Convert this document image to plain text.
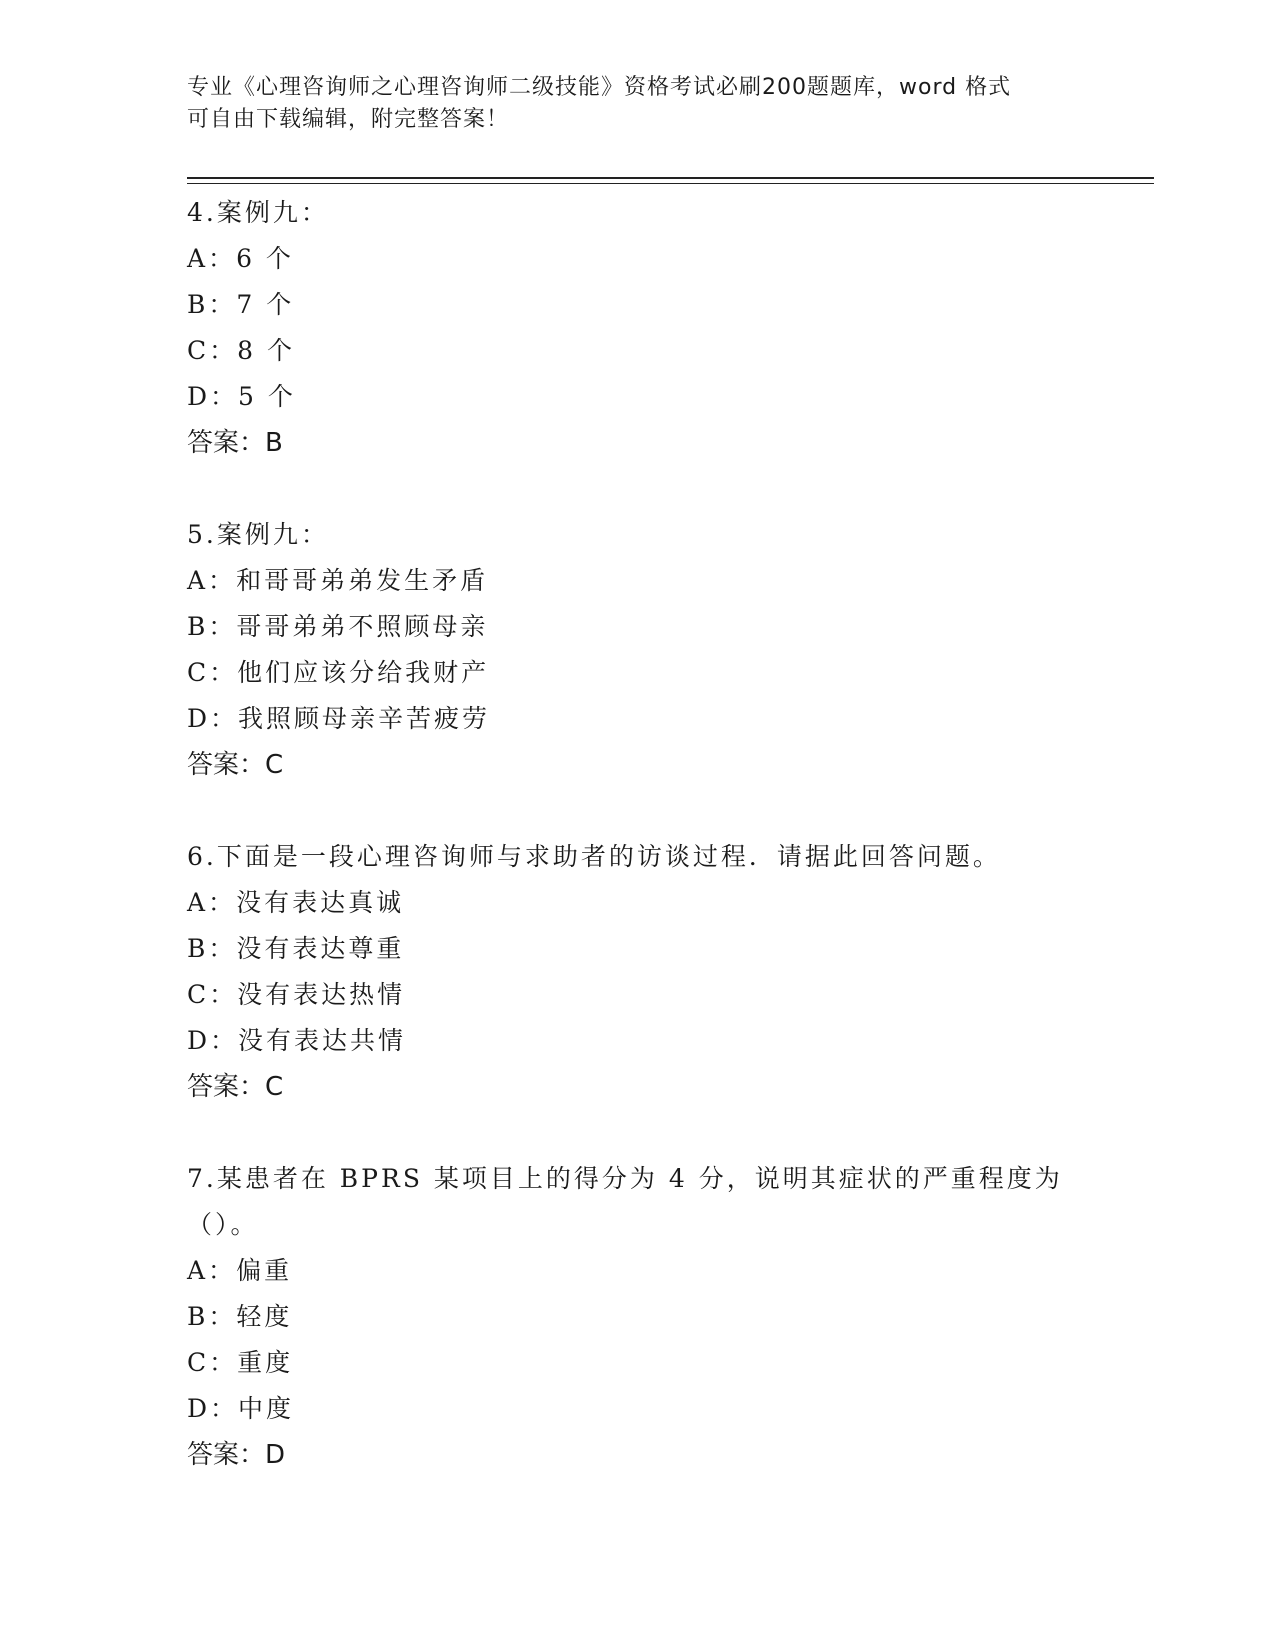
专业《心理咨询师之心理咨询师二级技能》资格考试必刷200题题库，word 格式
可自由下载编辑，附完整答案！

4.案例九：

A：6 个

B：7 个

C：8 个

D：5 个

答案：B

5.案例九：

A：和哥哥弟弟发生矛盾

B：哥哥弟弟不照顾母亲

C：他们应该分给我财产

D：我照顾母亲辛苦疲劳

答案：C

6.下面是一段心理咨询师与求助者的访谈过程．请据此回答问题。

A：没有表达真诚

B：没有表达尊重

C：没有表达热情

D：没有表达共情

答案：C

7.某患者在 BPRS 某项目上的得分为 4 分，说明其症状的严重程度为（）。

A：偏重

B：轻度

C：重度

D：中度

答案：D
